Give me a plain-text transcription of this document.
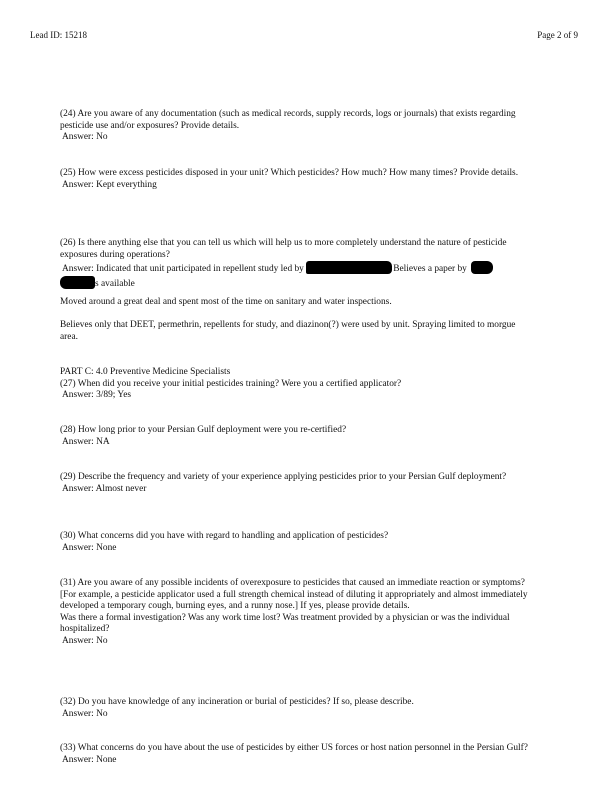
Lead ID: 15218	Page 2 of 9
(24) Are you aware of any documentation (such as medical records, supply records, logs or journals) that exists regarding pesticide use and/or exposures? Provide details.
Answer: No
(25) How were excess pesticides disposed in your unit? Which pesticides? How much? How many times? Provide details.
Answer: Kept everything
(26) Is there anything else that you can tell us which will help us to more completely understand the nature of pesticide exposures during operations?
Answer: Indicated that unit participated in repellent study led by	Believes a paper by
s available
Moved around a great deal and spent most of the time on sanitary and water inspections.
Believes only that DEET, permethrin, repellents for study, and diazinon(?) were used by unit. Spraying limited to morgue area.
PART C: 4.0 Preventive Medicine Specialists
(27) When did you receive your initial pesticides training? Were you a certified applicator?
Answer: 3/89; Yes
(28) How long prior to your Persian Gulf deployment were you re-certified?
Answer: NA
(29) Describe the frequency and variety of your experience applying pesticides prior to your Persian Gulf deployment?
Answer: Almost never
(30) What concerns did you have with regard to handling and application of pesticides?
Answer: None
(31) Are you aware of any possible incidents of overexposure to pesticides that caused an immediate reaction or symptoms? [For example, a pesticide applicator used a full strength chemical instead of diluting it appropriately and almost immediately developed a temporary cough, burning eyes, and a runny nose.] If yes, please provide details.
Was there a formal investigation? Was any work time lost? Was treatment provided by a physician or was the individual hospitalized?
Answer: No
(32) Do you have knowledge of any incineration or burial of pesticides? If so, please describe.
Answer: No
(33) What concerns do you have about the use of pesticides by either US forces or host nation personnel in the Persian Gulf?
Answer: None
